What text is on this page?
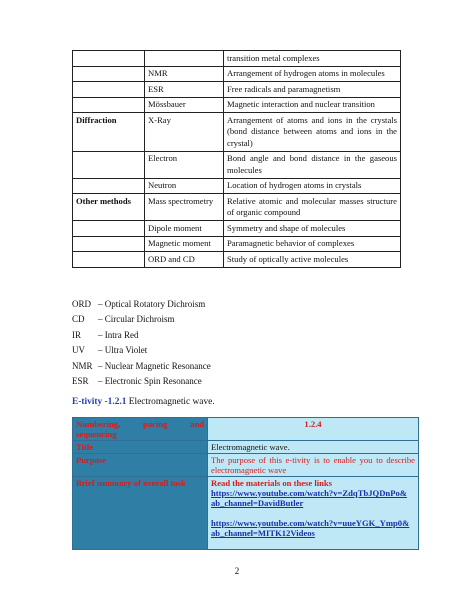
		transition metal complexes
	NMR	Arrangement of hydrogen atoms in molecules
	ESR	Free radicals and paramagnetism
	Mössbauer	Magnetic interaction and nuclear transition
Diffraction	X-Ray	Arrangement of atoms and ions in the crystals (bond distance between atoms and ions in the crystal)
	Electron	Bond angle and bond distance in the gaseous molecules
	Neutron	Location of hydrogen atoms in crystals
Other methods	Mass spectrometry	Relative atomic and molecular masses structure of organic compound
	Dipole moment	Symmetry and shape of molecules
	Magnetic moment	Paramagnetic behavior of complexes
	ORD and CD	Study of optically active molecules
ORD – Optical Rotatory Dichroism
CD – Circular Dichroism
IR – Intra Red
UV – Ultra Violet
NMR – Nuclear Magnetic Resonance
ESR – Electronic Spin Resonance
E-tivity -1.2.1 Electromagnetic wave.
Numbering, pacing and sequencing	1.2.4
Title	Electromagnetic wave.
Purpose	The purpose of this e-tivity is to enable you to describe electromagnetic wave
Brief summary of overall task	Read the materials on these links
https://www.youtube.com/watch?v=ZdqTbJQDnPo&
ab_channel=DavidButler
https://www.youtube.com/watch?v=uueYGK_Ymp0&
ab_channel=MITK12Videos
2
